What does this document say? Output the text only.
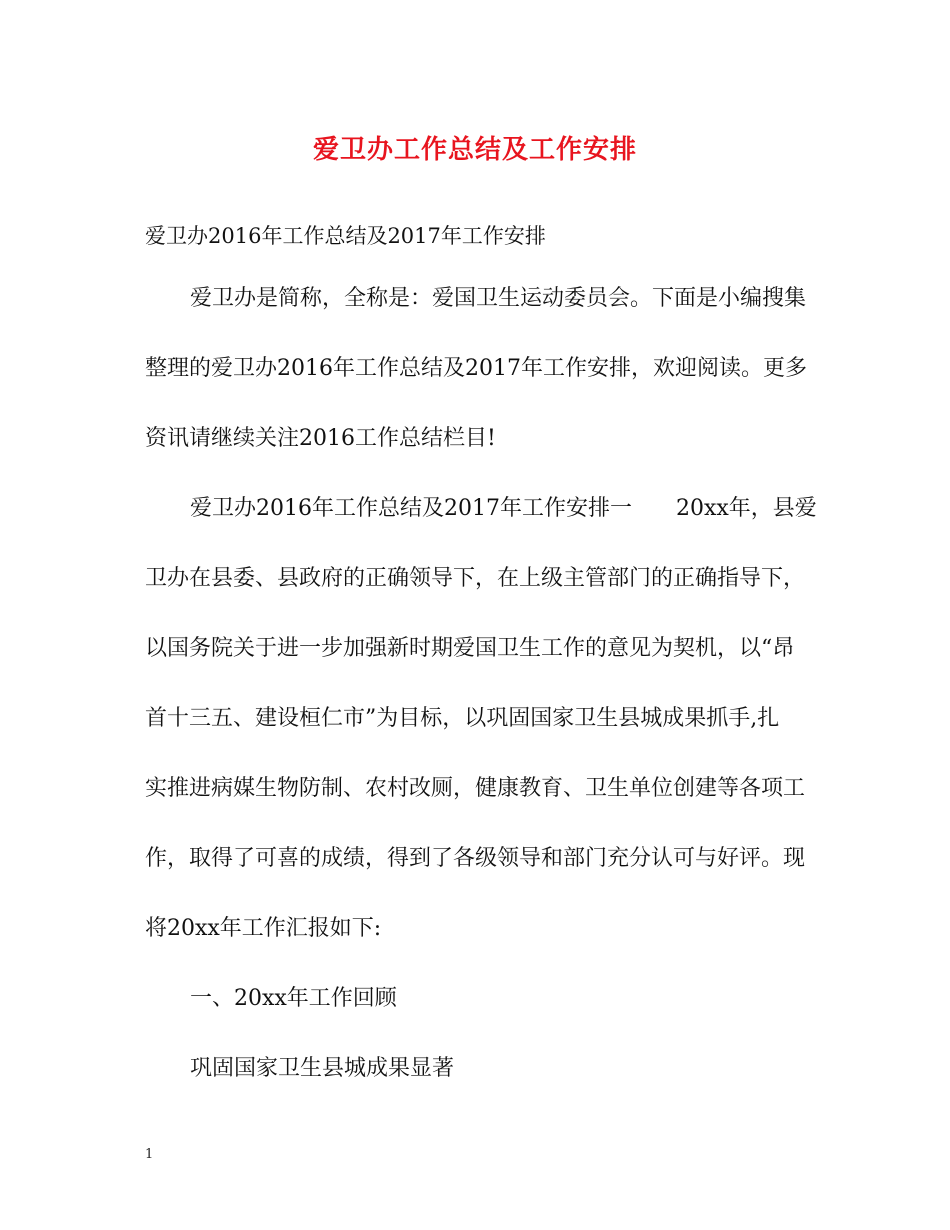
爱卫办工作总结及工作安排
爱卫办2016年工作总结及2017年工作安排
爱卫办是简称，全称是：爱国卫生运动委员会。下面是小编搜集
整理的爱卫办2016年工作总结及2017年工作安排，欢迎阅读。更多
资讯请继续关注2016工作总结栏目!
爱卫办2016年工作总结及2017年工作安排一　　20xx年，县爱
卫办在县委、县政府的正确领导下，在上级主管部门的正确指导下，
以国务院关于进一步加强新时期爱国卫生工作的意见为契机，以“昂
首十三五、建设桓仁市”为目标，以巩固国家卫生县城成果抓手,扎
实推进病媒生物防制、农村改厕，健康教育、卫生单位创建等各项工
作，取得了可喜的成绩，得到了各级领导和部门充分认可与好评。现
将20xx年工作汇报如下:
一、20xx年工作回顾
巩固国家卫生县城成果显著
1
